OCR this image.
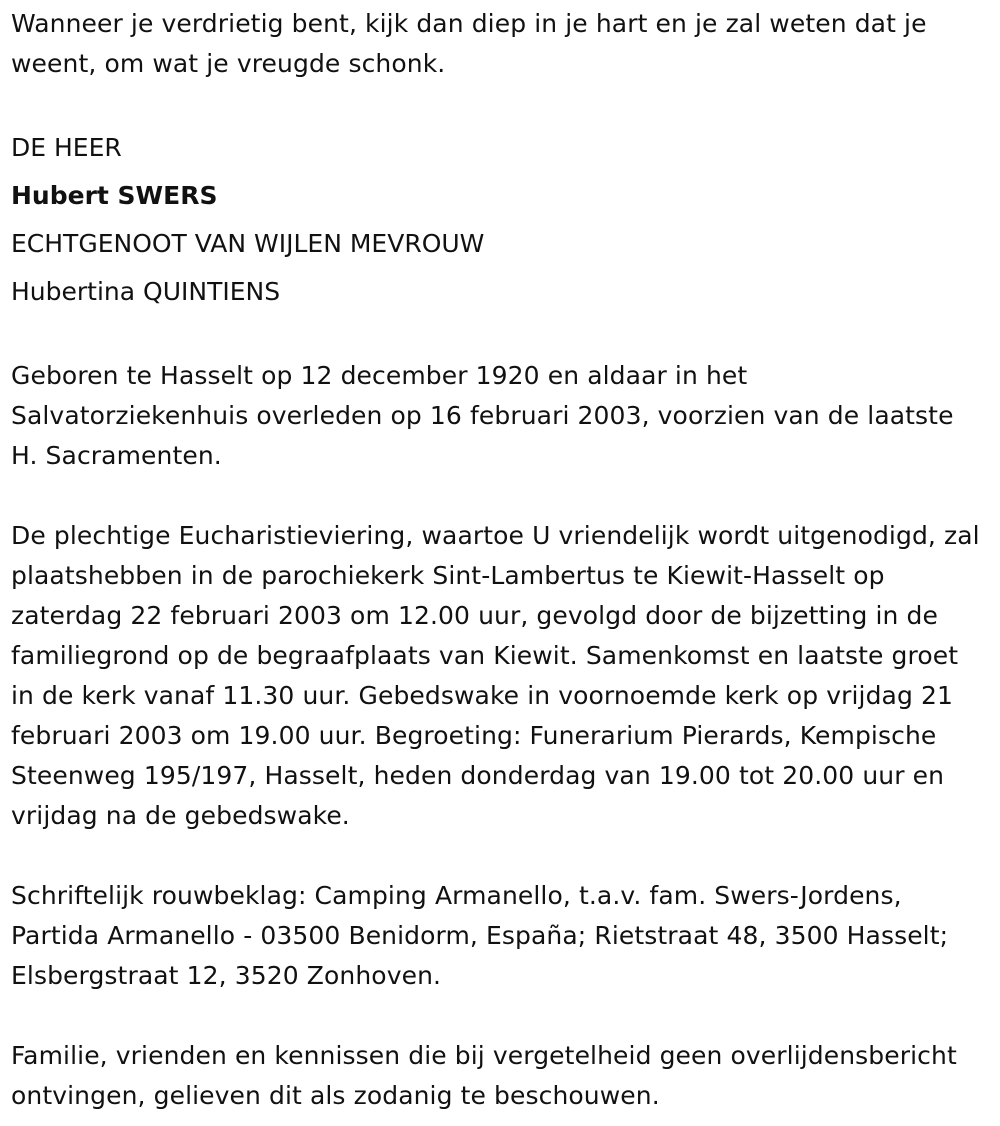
Wanneer je verdrietig bent, kijk dan diep in je hart en je zal weten dat je weent, om wat je vreugde schonk.

DE HEER

Hubert SWERS

ECHTGENOOT VAN WIJLEN MEVROUW

Hubertina QUINTIENS

Geboren te Hasselt op 12 december 1920 en aldaar in het Salvatorziekenhuis overleden op 16 februari 2003, voorzien van de laatste H. Sacramenten.

De plechtige Eucharistieviering, waartoe U vriendelijk wordt uitgenodigd, zal plaatshebben in de parochiekerk Sint-Lambertus te Kiewit-Hasselt op zaterdag 22 februari 2003 om 12.00 uur, gevolgd door de bijzetting in de familiegrond op de begraafplaats van Kiewit. Samenkomst en laatste groet in de kerk vanaf 11.30 uur. Gebedswake in voornoemde kerk op vrijdag 21 februari 2003 om 19.00 uur. Begroeting: Funerarium Pierards, Kempische Steenweg 195/197, Hasselt, heden donderdag van 19.00 tot 20.00 uur en vrijdag na de gebedswake.

Schriftelijk rouwbeklag: Camping Armanello, t.a.v. fam. Swers-Jordens, Partida Armanello - 03500 Benidorm, España; Rietstraat 48, 3500 Hasselt; Elsbergstraat 12, 3520 Zonhoven.

Familie, vrienden en kennissen die bij vergetelheid geen overlijdensbericht ontvingen, gelieven dit als zodanig te beschouwen.
